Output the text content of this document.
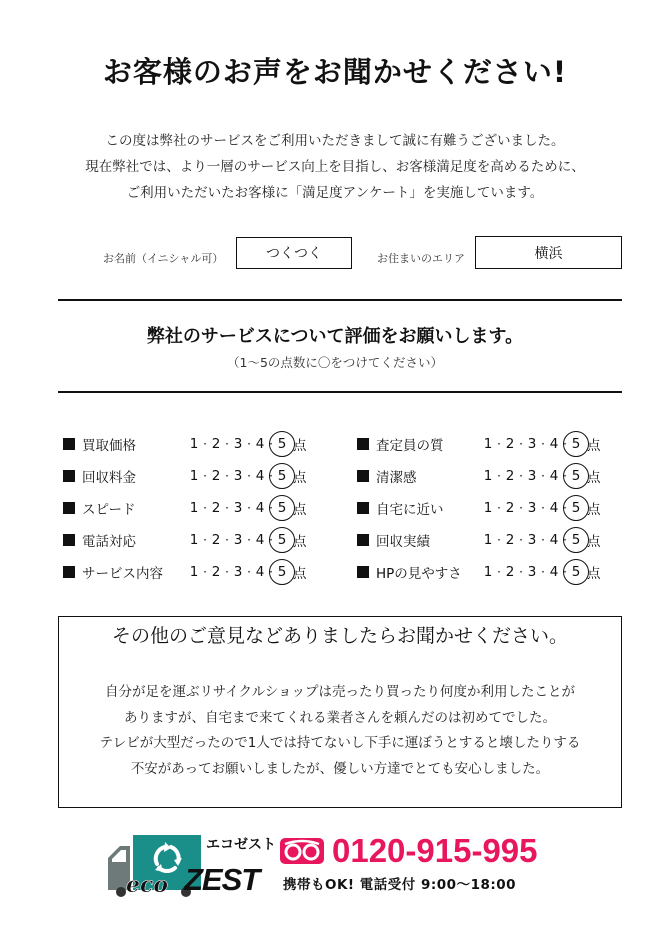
お客様のお声をお聞かせください!
この度は弊社のサービスをご利用いただきまして誠に有難うございました。
現在弊社では、より一層のサービス向上を目指し、お客様満足度を高めるために、
ご利用いただいたお客様に「満足度アンケート」を実施しています。
お名前（イニシャル可）	つくつく	お住まいのエリア	横浜
弊社のサービスについて評価をお願いします。
（1〜5の点数に〇をつけてください）
買取価格	1 · 2 · 3 · 4 · 5 点
回収料金	1 · 2 · 3 · 4 · 5 点
スピード	1 · 2 · 3 · 4 · 5 点
電話対応	1 · 2 · 3 · 4 · 5 点
サービス内容	1 · 2 · 3 · 4 · 5 点
査定員の質	1 · 2 · 3 · 4 · 5 点
清潔感	1 · 2 · 3 · 4 · 5 点
自宅に近い	1 · 2 · 3 · 4 · 5 点
回収実績	1 · 2 · 3 · 4 · 5 点
HPの見やすさ	1 · 2 · 3 · 4 · 5 点
その他のご意見などありましたらお聞かせください。
自分が足を運ぶリサイクルショップは売ったり買ったり何度か利用したことが
ありますが、自宅まで来てくれる業者さんを頼んだのは初めてでした。
テレビが大型だったので1人では持てないし下手に運ぼうとすると壊したりする
不安があってお願いしましたが、優しい方達でとても安心しました。
エコゼスト
eco ZEST
0120-915-995
携帯もOK! 電話受付 9:00〜18:00
